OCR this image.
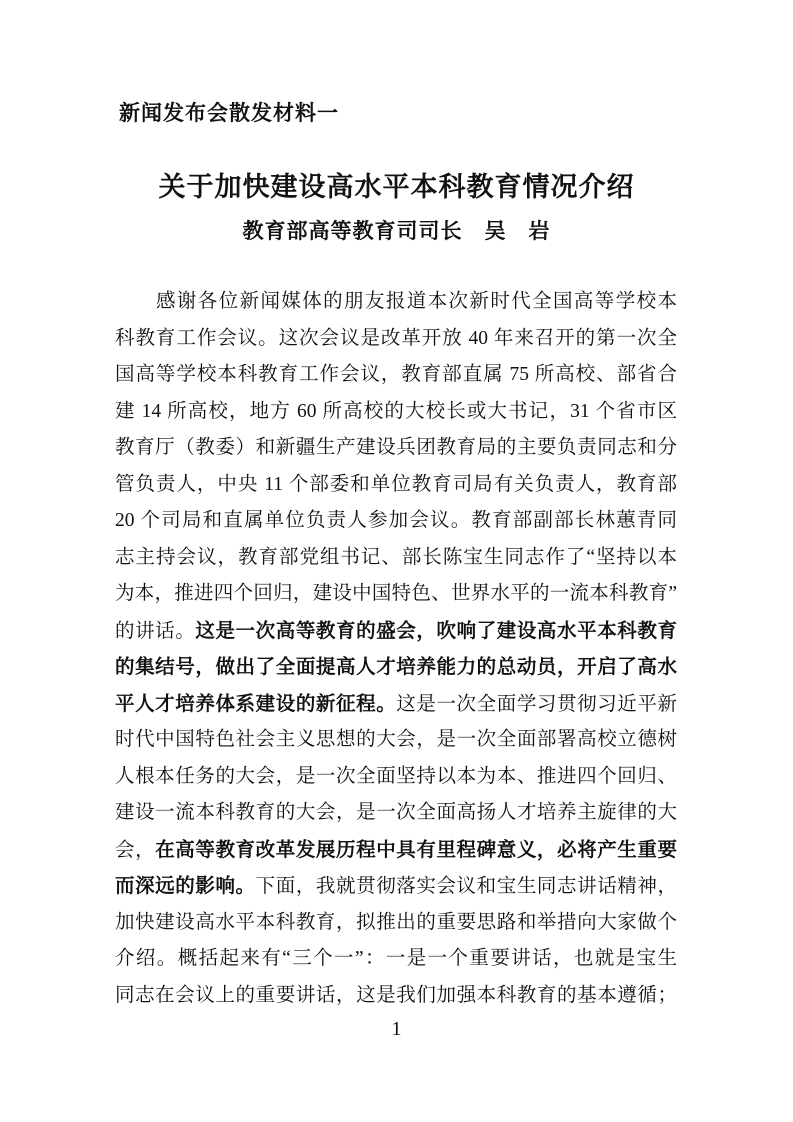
新闻发布会散发材料一
关于加快建设高水平本科教育情况介绍
教育部高等教育司司长　吴　岩
感谢各位新闻媒体的朋友报道本次新时代全国高等学校本
科教育工作会议。这次会议是改革开放 40 年来召开的第一次全
国高等学校本科教育工作会议，教育部直属 75 所高校、部省合
建 14 所高校，地方 60 所高校的大校长或大书记，31 个省市区
教育厅（教委）和新疆生产建设兵团教育局的主要负责同志和分
管负责人，中央 11 个部委和单位教育司局有关负责人，教育部
20 个司局和直属单位负责人参加会议。教育部副部长林蕙青同
志主持会议，教育部党组书记、部长陈宝生同志作了“坚持以本
为本，推进四个回归，建设中国特色、世界水平的一流本科教育”
的讲话。这是一次高等教育的盛会，吹响了建设高水平本科教育
的集结号，做出了全面提高人才培养能力的总动员，开启了高水
平人才培养体系建设的新征程。这是一次全面学习贯彻习近平新
时代中国特色社会主义思想的大会，是一次全面部署高校立德树
人根本任务的大会，是一次全面坚持以本为本、推进四个回归、
建设一流本科教育的大会，是一次全面高扬人才培养主旋律的大
会，在高等教育改革发展历程中具有里程碑意义，必将产生重要
而深远的影响。下面，我就贯彻落实会议和宝生同志讲话精神，
加快建设高水平本科教育，拟推出的重要思路和举措向大家做个
介绍。概括起来有“三个一”：一是一个重要讲话，也就是宝生
同志在会议上的重要讲话，这是我们加强本科教育的基本遵循；
1
